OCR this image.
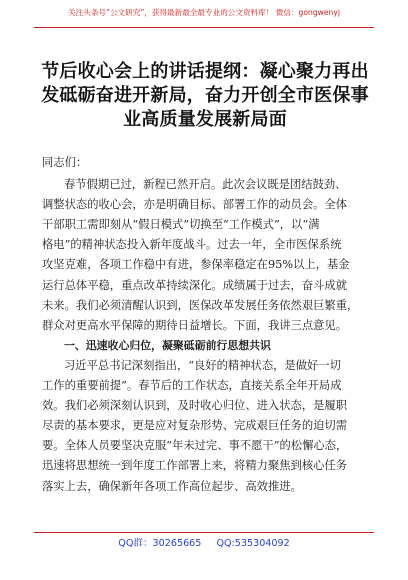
关注头条号“公文研究”，获得最新最全最专业的公文资料库！ 微信：gongwenyj
节后收心会上的讲话提纲：凝心聚力再出
发砥砺奋进开新局，奋力开创全市医保事
业高质量发展新局面

同志们：

春节假期已过，新程已然开启。此次会议既是团结鼓劲、

调整状态的收心会，亦是明确目标、部署工作的动员会。全体

干部职工需即刻从“假日模式”切换至“工作模式”，以“满

格电”的精神状态投入新年度战斗。过去一年，全市医保系统

攻坚克难，各项工作稳中有进，参保率稳定在95%以上，基金

运行总体平稳，重点改革持续深化。成绩属于过去，奋斗成就

未来。我们必须清醒认识到，医保改革发展任务依然艰巨繁重，

群众对更高水平保障的期待日益增长。下面，我讲三点意见。

一、迅速收心归位，凝聚砥砺前行思想共识

习近平总书记深刻指出，“良好的精神状态，是做好一切

工作的重要前提”。春节后的工作状态，直接关系全年开局成

效。我们必须深刻认识到，及时收心归位、进入状态，是履职

尽责的基本要求，更是应对复杂形势、完成艰巨任务的迫切需

要。全体人员要坚决克服“年未过完、事不愿干”的松懈心态，

迅速将思想统一到年度工作部署上来，将精力聚焦到核心任务

落实上去，确保新年各项工作高位起步、高效推进。

QQ群：30265665 QQ:535304092
